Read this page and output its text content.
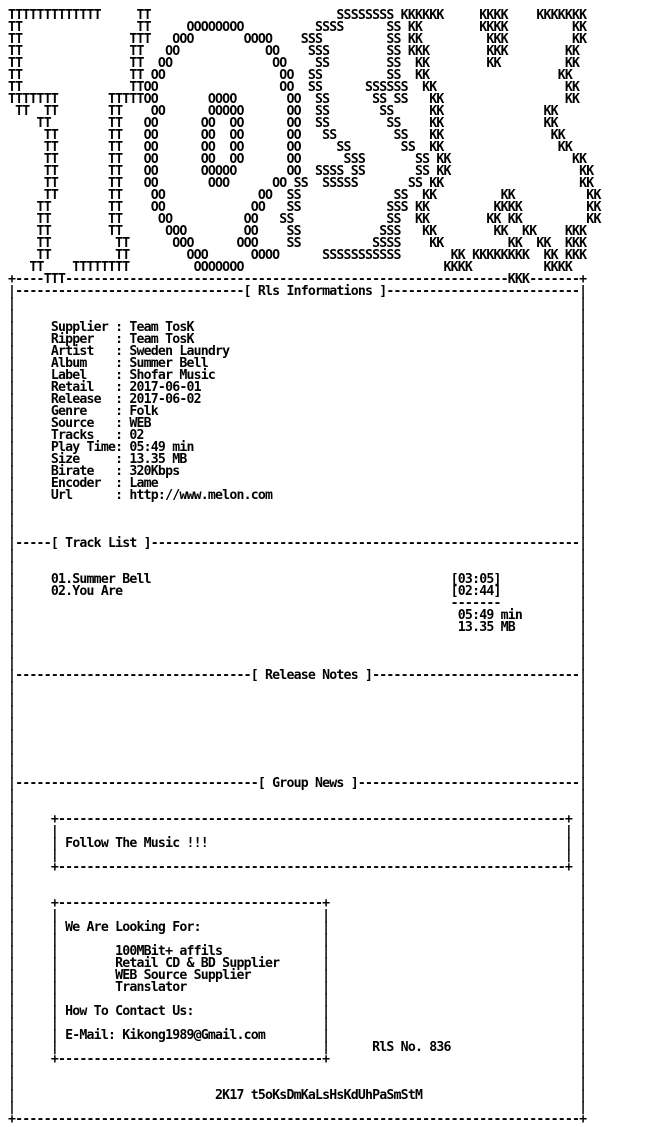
TTTTTTTTTTTTT     TT                          SSSSSSSS KKKKKK     KKKK    KKKKKKK
TT                TT     OOOOOOOO          SSSS      SS KK        KKKK         KK
TT               TTT   OOO       OOOO    SSS         SS KK         KKK         KK
TT               TT   OO            OO    SSS        SS KKK        KKK        KK
TT               TT  OO              OO    SS        SS  KK        KK         KK
TT               TT OO                OO  SS         SS  KK                  KK
TT               TTOO                 OO  SS      SSSSSS  KK                  KK
TTTTTTT       TTTTTOO       OOOO       OO  SS      SS SS   KK                 KK
TT  TT       TT    OO      OOOOO      OO  SS       SS     KK              KK
TT        TT   OO      OO  OO      OO  SS        SS    KK              KK
TT       TT   OO      OO  OO      OO   SS        SS   KK               KK
TT       TT   OO      OO  OO      OO     SS       SS  KK                KK
TT       TT   OO      OO  OO      OO      SSS       SS KK                 KK
TT       TT   OO      OOOOO       OO  SSSS SS       SS KK                  KK
TT       TT   OO       OOO      OO SS  SSSSS       SS KK                   KK
TT       TT    OO             OO  SS             SS  KK         KK          KK
TT        TT    OO            OO   SS            SSS KK         KKKK         KK
TT        TT     OO          OO   SS             SS  KK        KK KK         KK
TT        TT      OOO        OO    SS           SSS   KK        KK  KK    KKK
TT         TT      OOO      OOO    SS          SSSS    KK         KK  KK  KKK
TT         TT        OOO      OOOO      SSSSSSSSSSS       KK KKKKKKKK  KK KKK
TT    TTTTTTTT         OOOOOOO                            KKKK          KKKK
+----TTT--------------------------------------------------------------KKK-------+
|--------------------------------[ Rls Informations ]---------------------------|
|                                                                               |
|                                                                               |
|     Supplier : Team TosK                                                      |
|     Ripper   : Team TosK                                                      |
|     Artist   : Sweden Laundry                                                 |
|     Album    : Summer Bell                                                    |
|     Label    : Shofar Music                                                   |
|     Retail   : 2017-06-01                                                     |
|     Release  : 2017-06-02                                                     |
|     Genre    : Folk                                                           |
|     Source   : WEB                                                            |
|     Tracks   : 02                                                             |
|     Play Time: 05:49 min                                                      |
|     Size     : 13.35 MB                                                       |
|     Birate   : 320Kbps                                                        |
|     Encoder  : Lame                                                           |
|     Url      : http://www.melon.com                                           |
|                                                                               |
|                                                                               |
|                                                                               |
|-----[ Track List ]------------------------------------------------------------|
|                                                                               |
|                                                                               |
|     01.Summer Bell                                          [03:05]           |
|     02.You Are                                              [02:44]           |
|                                                             -------           |
|                                                              05:49 min        |
|                                                              13.35 MB         |
|                                                                               |
|                                                                               |
|                                                                               |
|---------------------------------[ Release Notes ]-----------------------------|
|                                                                               |
|                                                                               |
|                                                                               |
|                                                                               |
|                                                                               |
|                                                                               |
|                                                                               |
|                                                                               |
|----------------------------------[ Group News ]-------------------------------|
|                                                                               |
|                                                                               |
|     +-----------------------------------------------------------------------+ |
|     |                                                                       | |
|     | Follow The Music !!!                                                  | |
|     |                                                                       | |
|     +-----------------------------------------------------------------------+ |
|                                                                               |
|                                                                               |
|     +-------------------------------------+                                   |
|     |                                     |                                   |
|     | We Are Looking For:                 |                                   |
|     |                                     |                                   |
|     |        100MBit+ affils              |                                   |
|     |        Retail CD & BD Supplier      |                                   |
|     |        WEB Source Supplier          |                                   |
|     |        Translator                   |                                   |
|     |                                     |                                   |
|     | How To Contact Us:                  |                                   |
|     |                                     |                                   |
|     | E-Mail: Kikong1989@Gmail.com        |                                   |
|     |                                     |      RlS No. 836                  |
|     +-------------------------------------+                                   |
|                                                                               |
|                                                                               |
|                            2K17 t5oKsDmKaLsHsKdUhPaSmStM                      |
|                                                                               |
+-------------------------------------------------------------------------------+
